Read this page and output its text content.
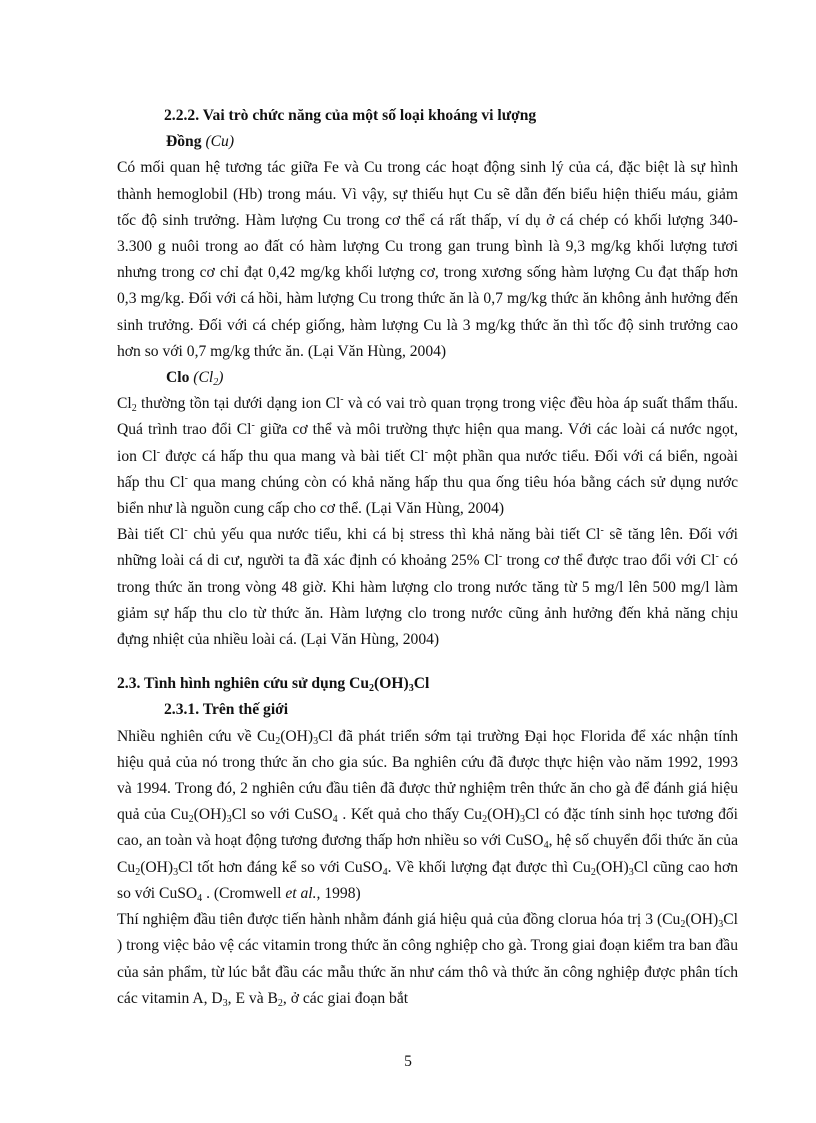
2.2.2. Vai trò chức năng của một số loại khoáng vi lượng

Đồng (Cu)

Có mối quan hệ tương tác giữa Fe và Cu trong các hoạt động sinh lý của cá, đặc biệt là sự hình thành hemoglobil (Hb) trong máu. Vì vậy, sự thiếu hụt Cu sẽ dẫn đến biểu hiện thiếu máu, giảm tốc độ sinh trưởng. Hàm lượng Cu trong cơ thể cá rất thấp, ví dụ ở cá chép có khối lượng 340-3.300 g nuôi trong ao đất có hàm lượng Cu trong gan trung bình là 9,3 mg/kg khối lượng tươi nhưng trong cơ chỉ đạt 0,42 mg/kg khối lượng cơ, trong xương sống hàm lượng Cu đạt thấp hơn 0,3 mg/kg. Đối với cá hồi, hàm lượng Cu trong thức ăn là 0,7 mg/kg thức ăn không ảnh hưởng đến sinh trưởng. Đối với cá chép giống, hàm lượng Cu là 3 mg/kg thức ăn thì tốc độ sinh trưởng cao hơn so với 0,7 mg/kg thức ăn. (Lại Văn Hùng, 2004)

Clo $(Cl_2)$

$Cl_2$ thường tồn tại dưới dạng ion Cl- và có vai trò quan trọng trong việc đều hòa áp suất thẩm thấu. Quá trình trao đổi Cl- giữa cơ thể và môi trường thực hiện qua mang. Với các loài cá nước ngọt, ion Cl- được cá hấp thu qua mang và bài tiết Cl- một phần qua nước tiểu. Đối với cá biển, ngoài hấp thu Cl- qua mang chúng còn có khả năng hấp thu qua ống tiêu hóa bằng cách sử dụng nước biển như là nguồn cung cấp cho cơ thể. (Lại Văn Hùng, 2004)

Bài tiết Cl- chủ yếu qua nước tiểu, khi cá bị stress thì khả năng bài tiết Cl- sẽ tăng lên. Đối với những loài cá di cư, người ta đã xác định có khoảng 25% Cl- trong cơ thể được trao đổi với Cl- có trong thức ăn trong vòng 48 giờ. Khi hàm lượng clo trong nước tăng từ 5 mg/l lên 500 mg/l làm giảm sự hấp thu clo từ thức ăn. Hàm lượng clo trong nước cũng ảnh hưởng đến khả năng chịu đựng nhiệt của nhiều loài cá. (Lại Văn Hùng, 2004)

2.3. Tình hình nghiên cứu sử dụng $Cu_2(OH)_3Cl$

2.3.1. Trên thế giới

Nhiều nghiên cứu về $Cu_2(OH)_3Cl$ đã phát triển sớm tại trường Đại học Florida để xác nhận tính hiệu quả của nó trong thức ăn cho gia súc. Ba nghiên cứu đã được thực hiện vào năm 1992, 1993 và 1994. Trong đó, 2 nghiên cứu đầu tiên đã được thử nghiệm trên thức ăn cho gà để đánh giá hiệu quả của $Cu_2(OH)_3Cl$ so với CuSO$_4$ . Kết quả cho thấy $Cu_2(OH)_3Cl$ có đặc tính sinh học tương đối cao, an toàn và hoạt động tương đương thấp hơn nhiều so với CuSO$_4$, hệ số chuyển đổi thức ăn của $Cu_2(OH)_3Cl$ tốt hơn đáng kể so với CuSO$_4$. Về khối lượng đạt được thì $Cu_2(OH)_3Cl$ cũng cao hơn so với CuSO$_4$ . (Cromwell et al., 1998)

Thí nghiệm đầu tiên được tiến hành nhằm đánh giá hiệu quả của đồng clorua hóa trị 3 ($Cu_2(OH)_3Cl$ ) trong việc bảo vệ các vitamin trong thức ăn công nghiệp cho gà. Trong giai đoạn kiểm tra ban đầu của sản phẩm, từ lúc bắt đầu các mẫu thức ăn như cám thô và thức ăn công nghiệp được phân tích các vitamin A, $D_3$, E và $B_2$, ở các giai đoạn bắt

5
